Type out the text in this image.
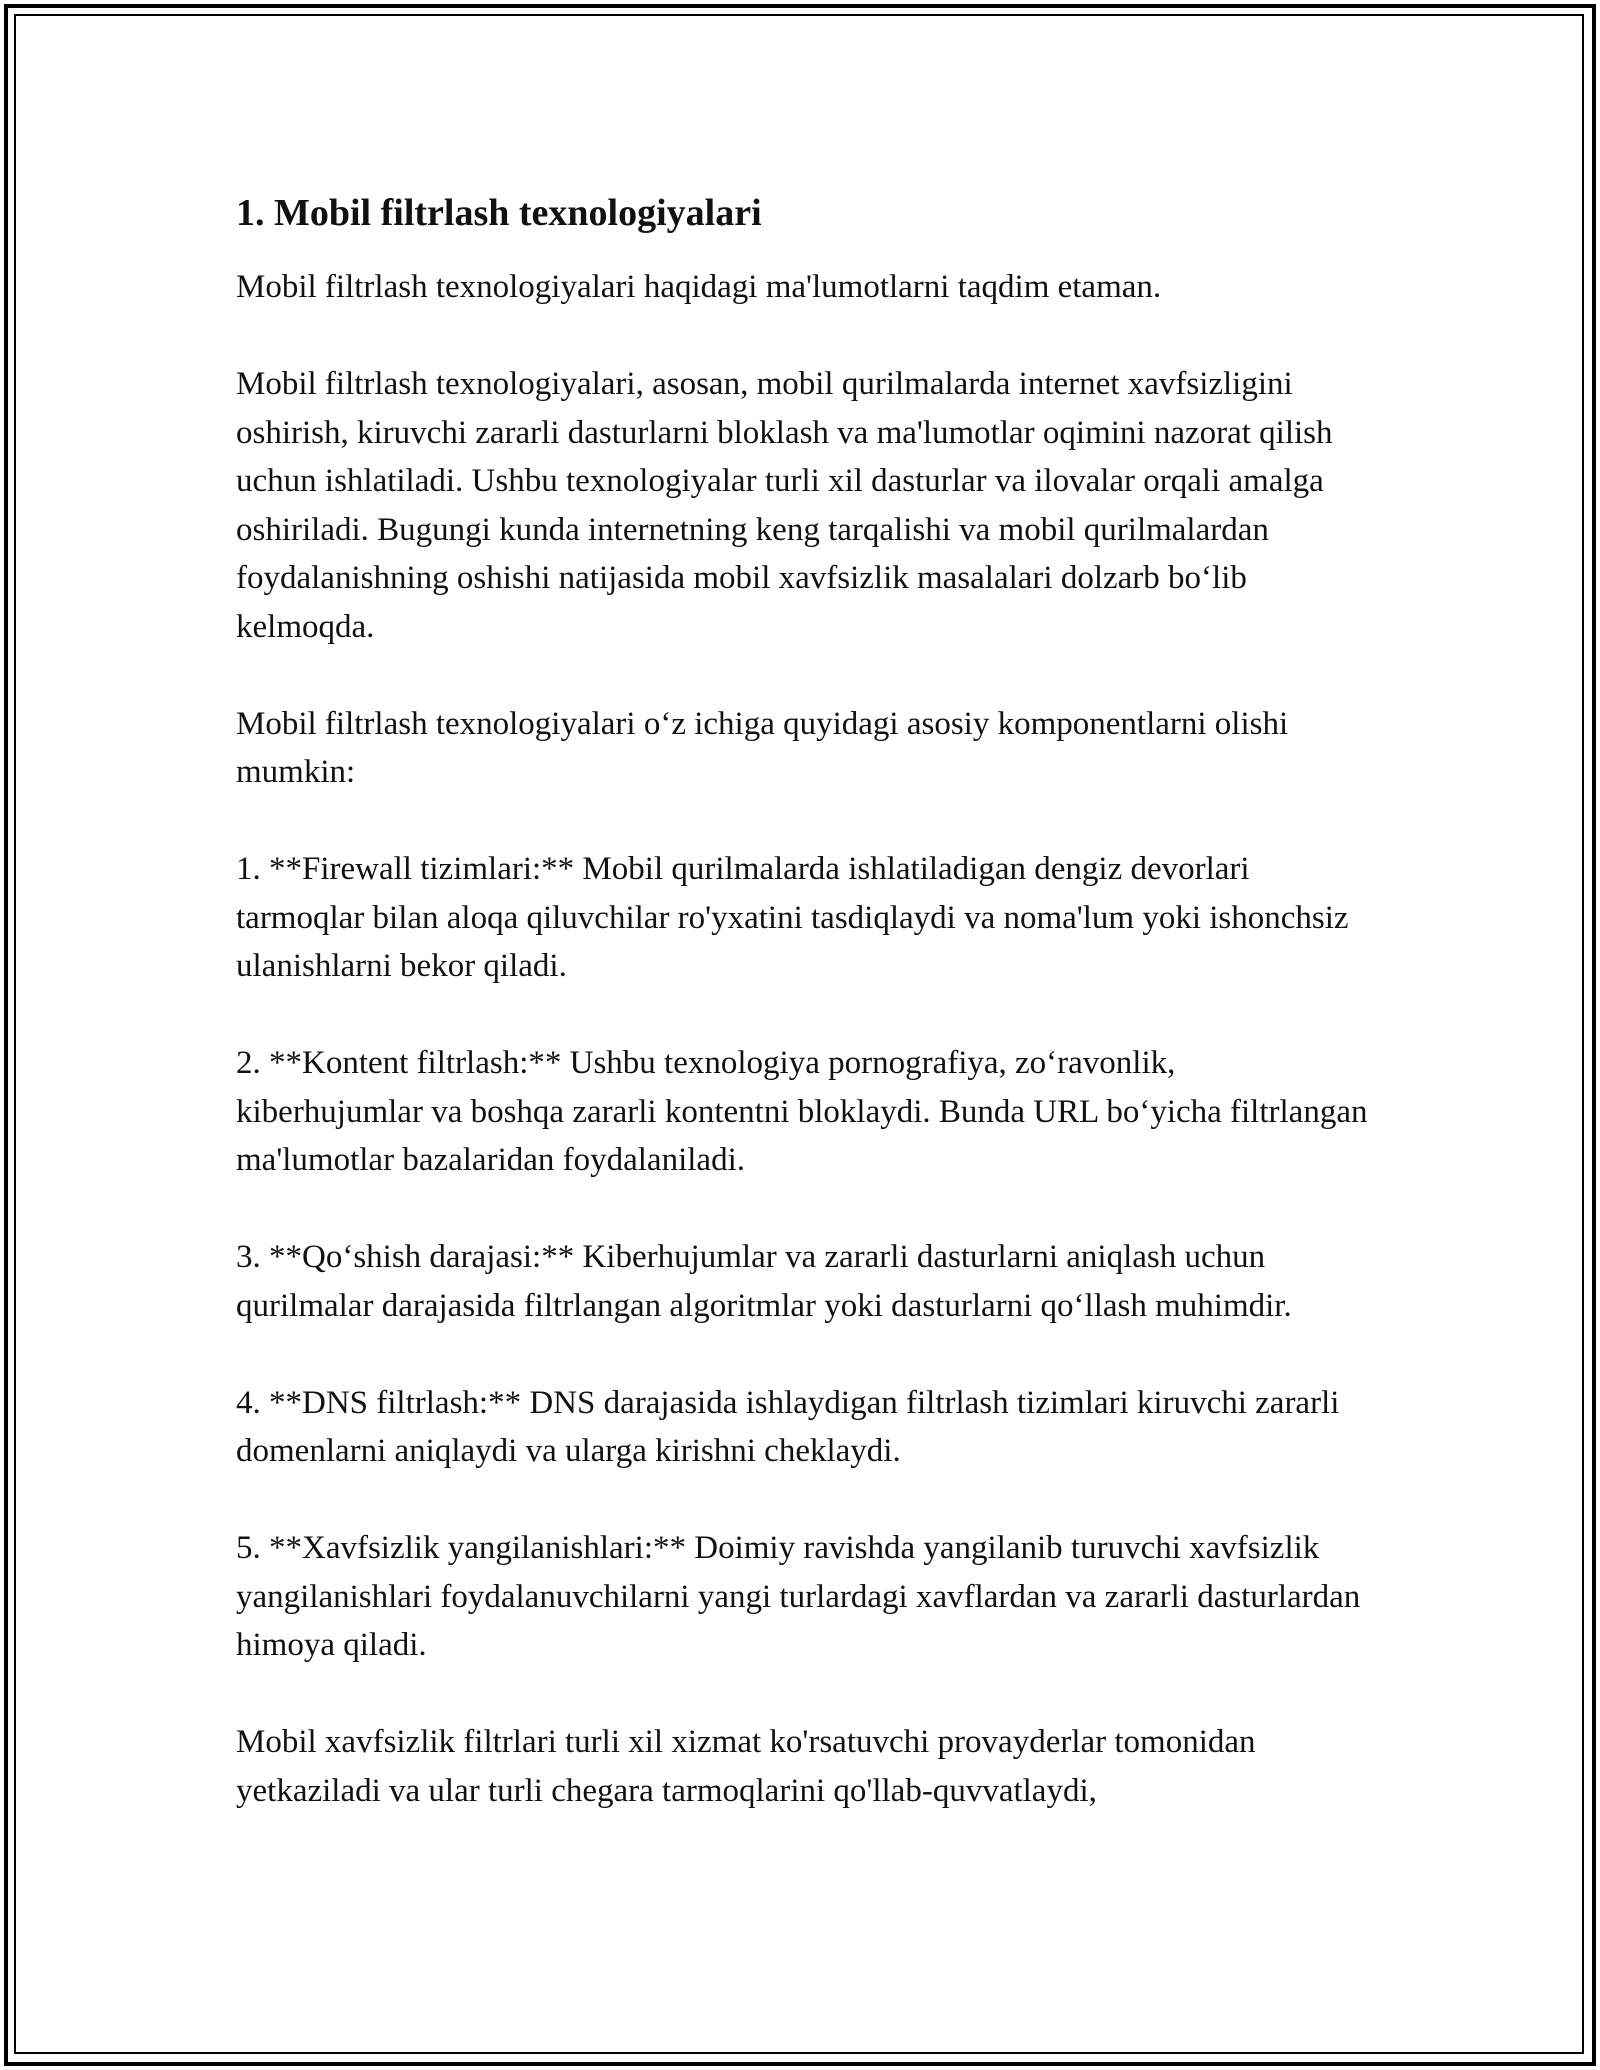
1. Mobil filtrlash texnologiyalari

Mobil filtrlash texnologiyalari haqidagi ma'lumotlarni taqdim etaman.

Mobil filtrlash texnologiyalari, asosan, mobil qurilmalarda internet xavfsizligini oshirish, kiruvchi zararli dasturlarni bloklash va ma'lumotlar oqimini nazorat qilish uchun ishlatiladi. Ushbu texnologiyalar turli xil dasturlar va ilovalar orqali amalga oshiriladi. Bugungi kunda internetning keng tarqalishi va mobil qurilmalardan foydalanishning oshishi natijasida mobil xavfsizlik masalalari dolzarb bo‘lib kelmoqda.

Mobil filtrlash texnologiyalari o‘z ichiga quyidagi asosiy komponentlarni olishi mumkin:

1. **Firewall tizimlari:** Mobil qurilmalarda ishlatiladigan dengiz devorlari tarmoqlar bilan aloqa qiluvchilar ro'yxatini tasdiqlaydi va noma'lum yoki ishonchsiz ulanishlarni bekor qiladi.

2. **Kontent filtrlash:** Ushbu texnologiya pornografiya, zo‘ravonlik, kiberhujumlar va boshqa zararli kontentni bloklaydi. Bunda URL bo‘yicha filtrlangan ma'lumotlar bazalaridan foydalaniladi.

3. **Qo‘shish darajasi:** Kiberhujumlar va zararli dasturlarni aniqlash uchun qurilmalar darajasida filtrlangan algoritmlar yoki dasturlarni qo‘llash muhimdir.

4. **DNS filtrlash:** DNS darajasida ishlaydigan filtrlash tizimlari kiruvchi zararli domenlarni aniqlaydi va ularga kirishni cheklaydi.

5. **Xavfsizlik yangilanishlari:** Doimiy ravishda yangilanib turuvchi xavfsizlik yangilanishlari foydalanuvchilarni yangi turlardagi xavflardan va zararli dasturlardan himoya qiladi.

Mobil xavfsizlik filtrlari turli xil xizmat ko'rsatuvchi provayderlar tomonidan yetkaziladi va ular turli chegara tarmoqlarini qo'llab-quvvatlaydi,
